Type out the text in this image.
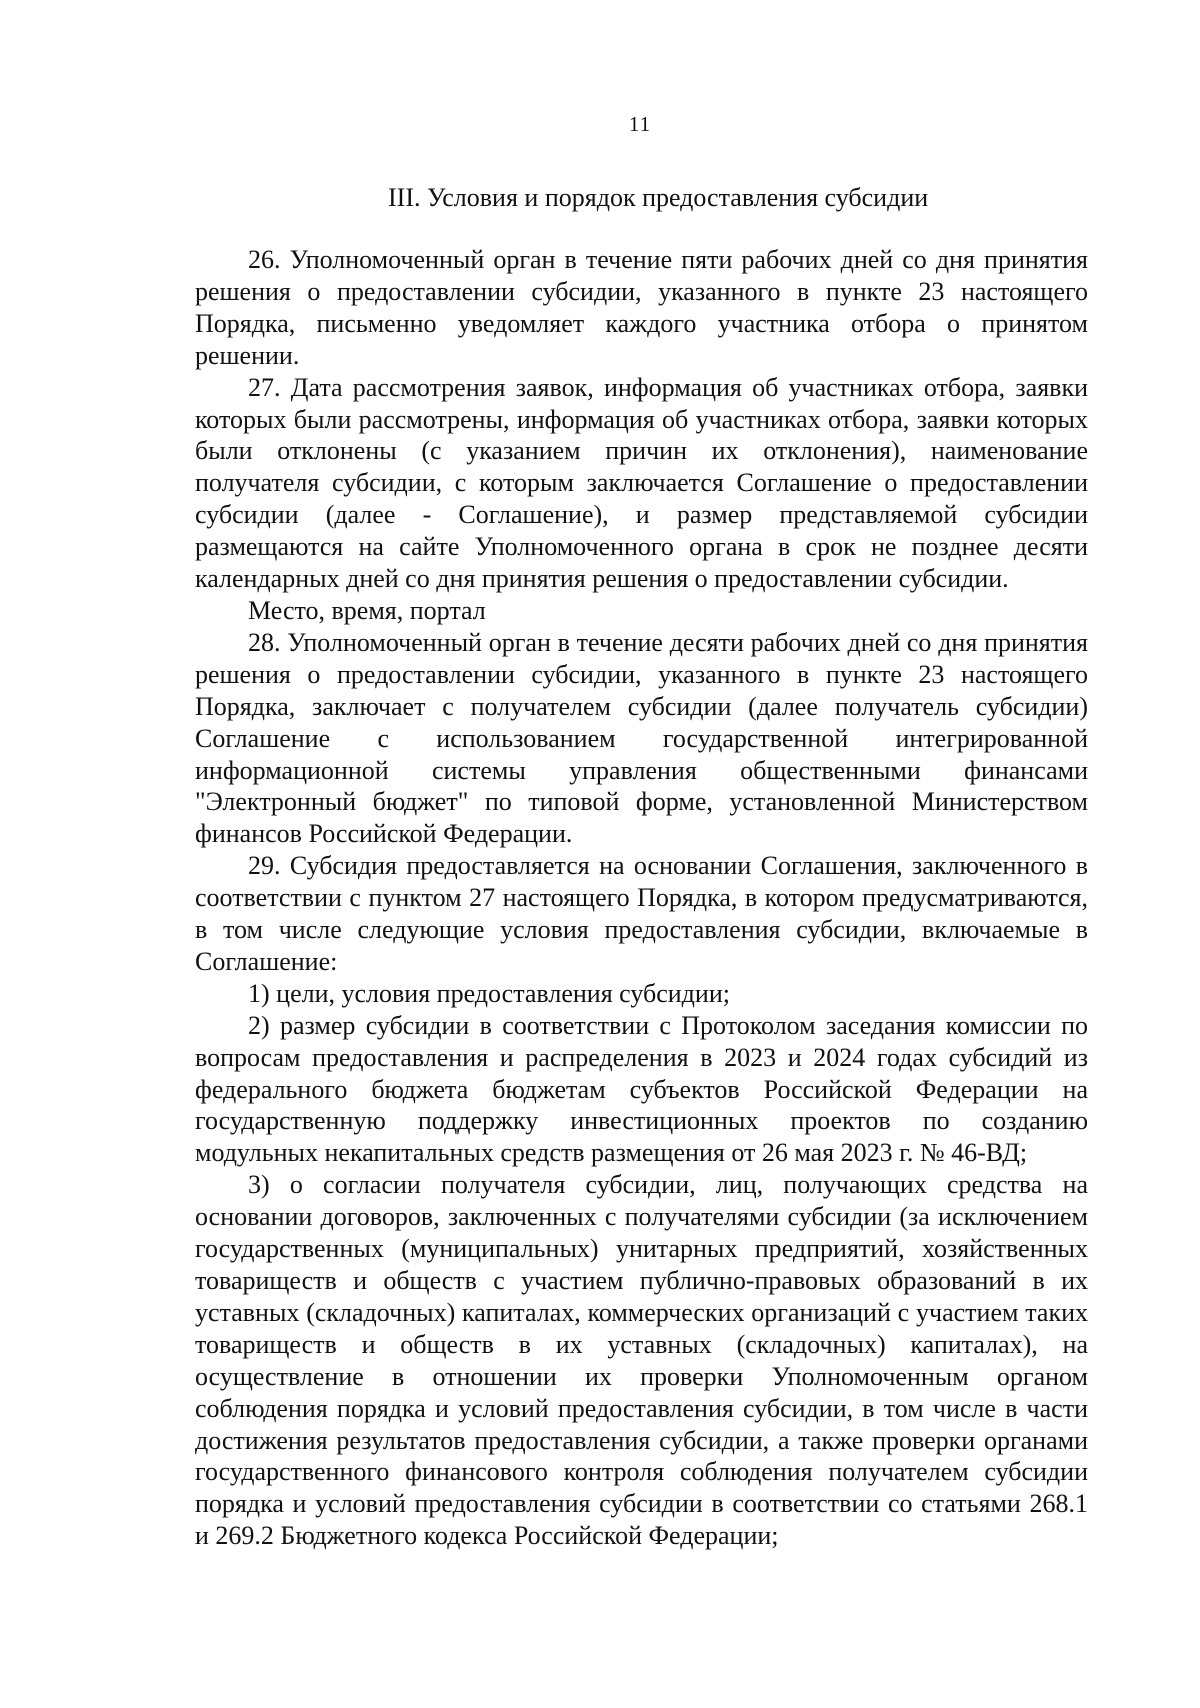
11
III. Условия и порядок предоставления субсидии

26. Уполномоченный орган в течение пяти рабочих дней со дня принятия решения о предоставлении субсидии, указанного в пункте 23 настоящего Порядка, письменно уведомляет каждого участника отбора о принятом решении.

27. Дата рассмотрения заявок, информация об участниках отбора, заявки которых были рассмотрены, информация об участниках отбора, заявки которых были отклонены (с указанием причин их отклонения), наименование получателя субсидии, с которым заключается Соглашение о предоставлении субсидии (далее - Соглашение), и размер представляемой субсидии размещаются на сайте Уполномоченного органа в срок не позднее десяти календарных дней со дня принятия решения о предоставлении субсидии.

Место, время, портал

28. Уполномоченный орган в течение десяти рабочих дней со дня принятия решения о предоставлении субсидии, указанного в пункте 23 настоящего Порядка, заключает с получателем субсидии (далее получатель субсидии) Соглашение с использованием государственной интегрированной информационной системы управления общественными финансами "Электронный бюджет" по типовой форме, установленной Министерством финансов Российской Федерации.

29. Субсидия предоставляется на основании Соглашения, заключенного в соответствии с пунктом 27 настоящего Порядка, в котором предусматриваются, в том числе следующие условия предоставления субсидии, включаемые в Соглашение:

1) цели, условия предоставления субсидии;

2) размер субсидии в соответствии с Протоколом заседания комиссии по вопросам предоставления и распределения в 2023 и 2024 годах субсидий из федерального бюджета бюджетам субъектов Российской Федерации на государственную поддержку инвестиционных проектов по созданию модульных некапитальных средств размещения от 26 мая 2023 г. № 46-ВД;

3) о согласии получателя субсидии, лиц, получающих средства на основании договоров, заключенных с получателями субсидии (за исключением государственных (муниципальных) унитарных предприятий, хозяйственных товариществ и обществ с участием публично-правовых образований в их уставных (складочных) капиталах, коммерческих организаций с участием таких товариществ и обществ в их уставных (складочных) капиталах), на осуществление в отношении их проверки Уполномоченным органом соблюдения порядка и условий предоставления субсидии, в том числе в части достижения результатов предоставления субсидии, а также проверки органами государственного финансового контроля соблюдения получателем субсидии порядка и условий предоставления субсидии в соответствии со статьями 268.1 и 269.2 Бюджетного кодекса Российской Федерации;
